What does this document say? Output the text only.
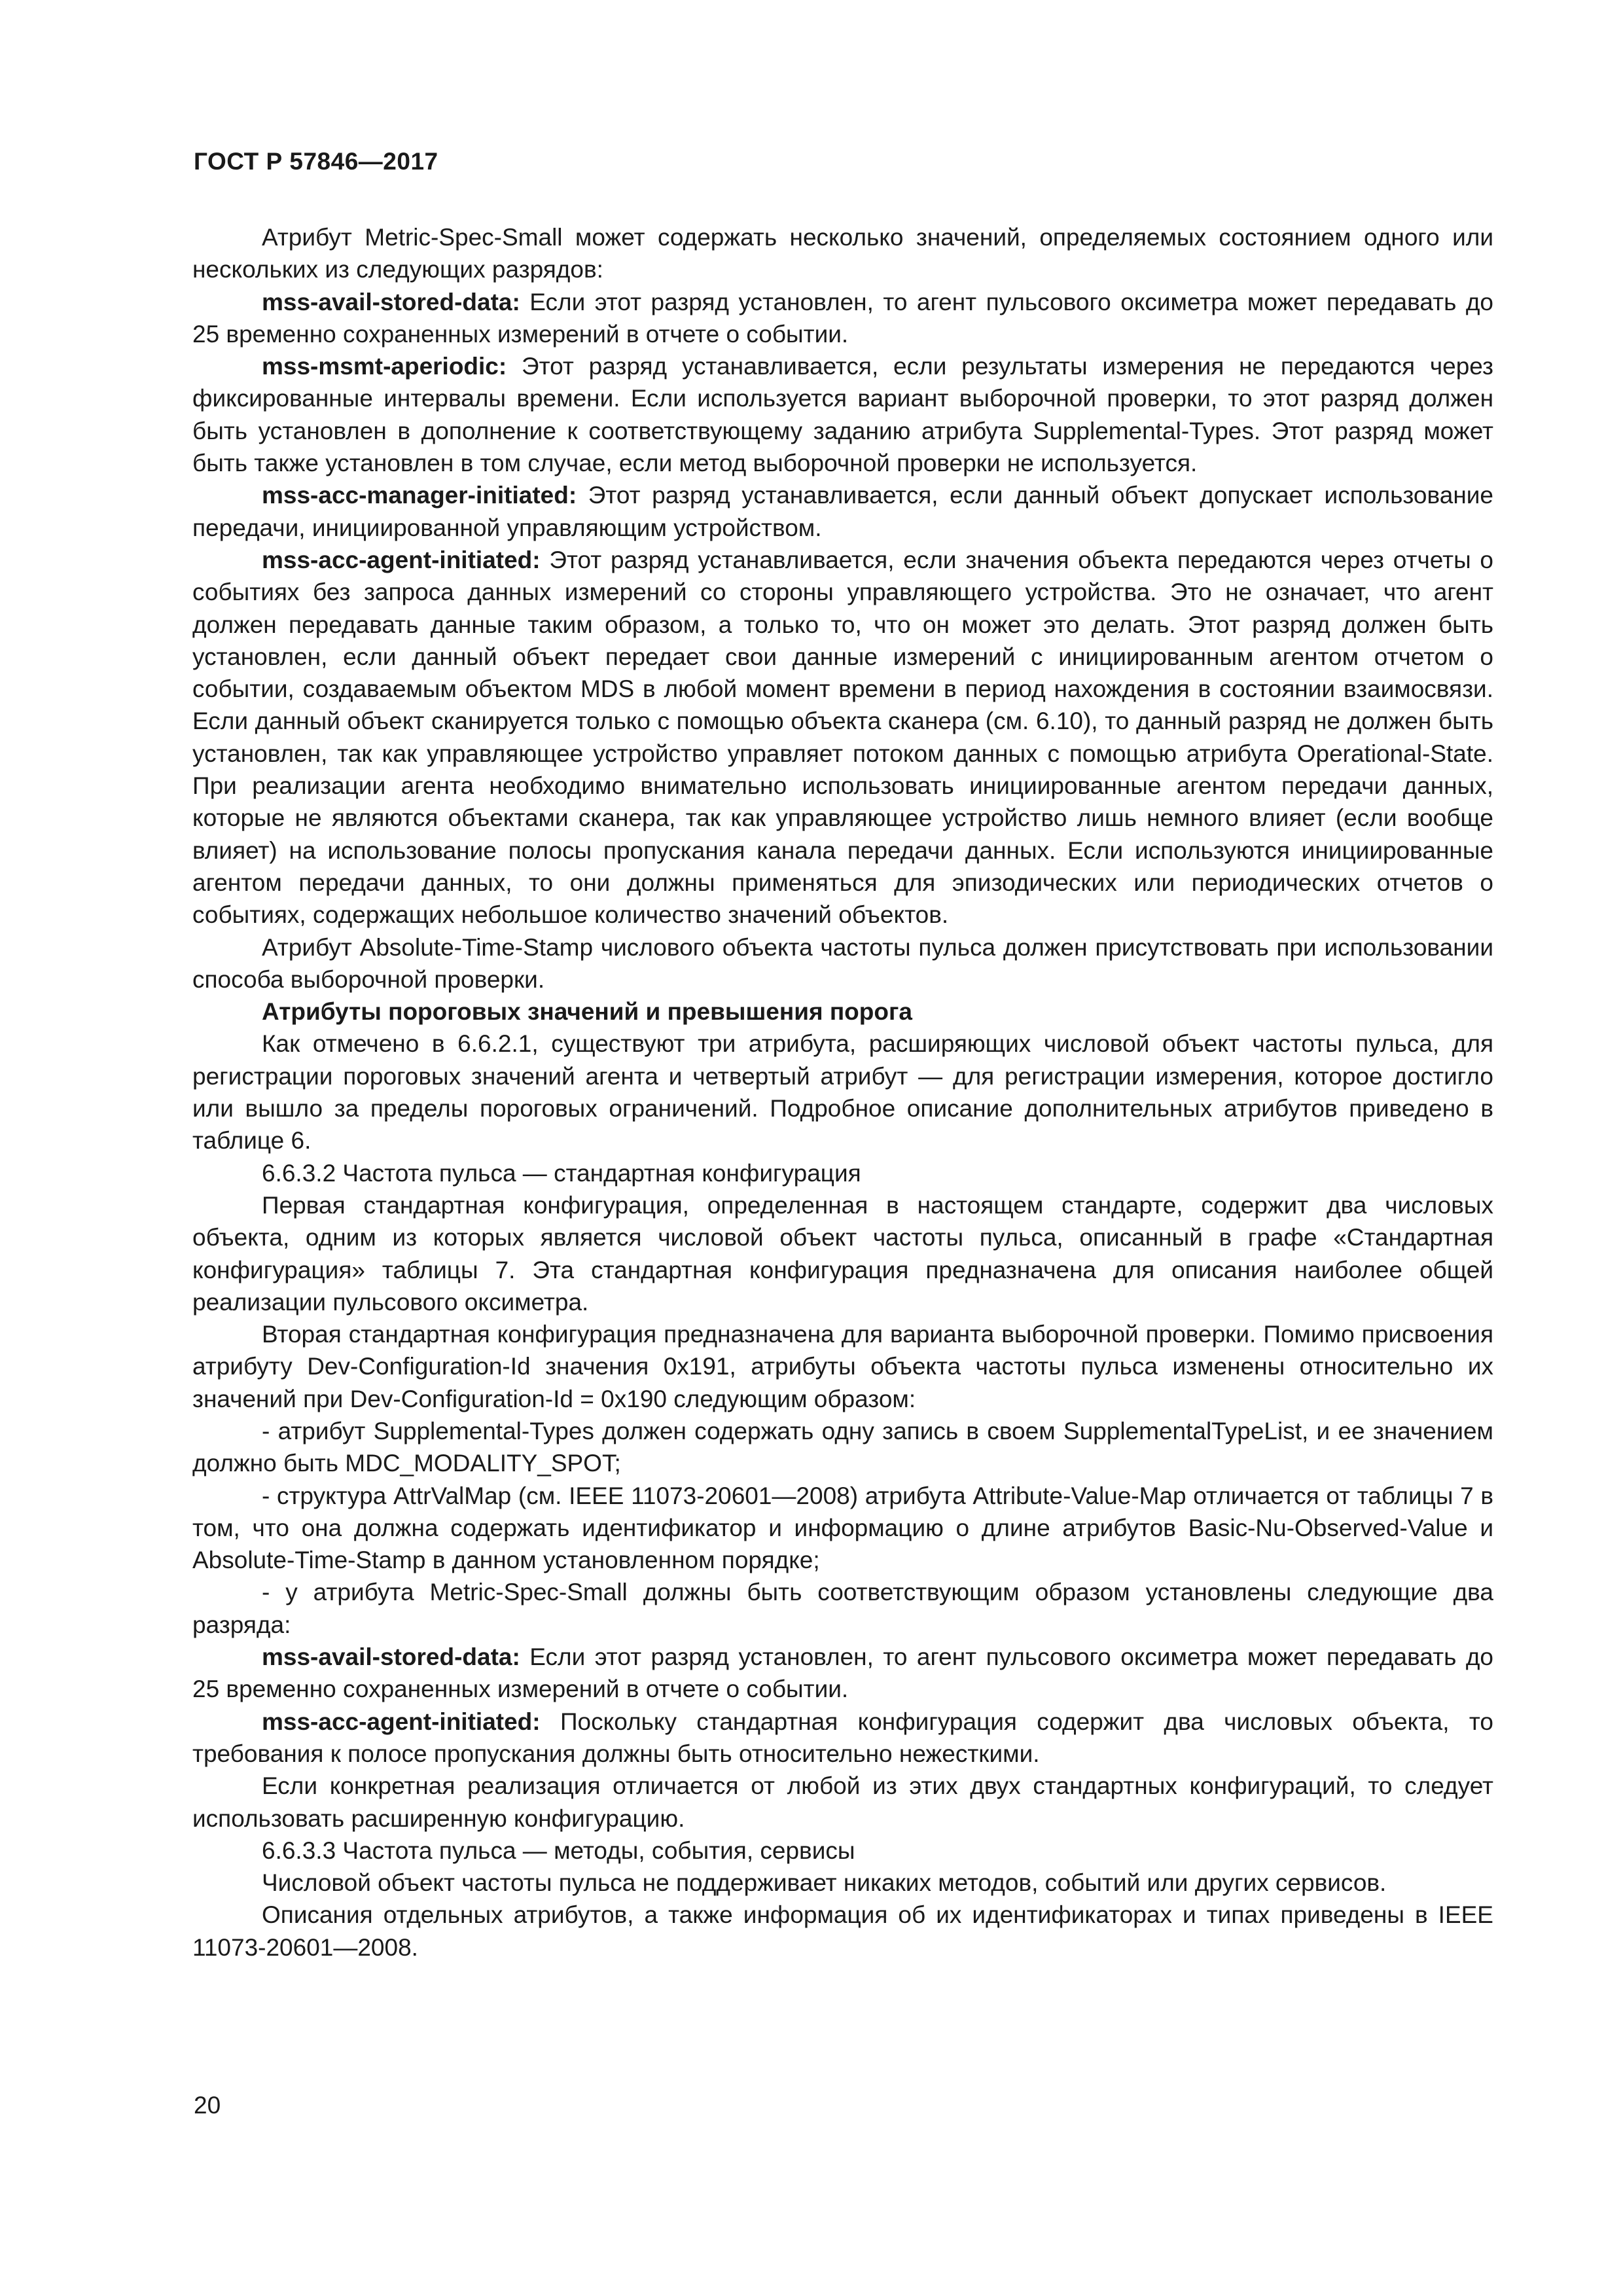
ГОСТ Р 57846—2017

Атрибут Metric-Spec-Small может содержать несколько значений, определяемых состоянием одного или нескольких из следующих разрядов:

mss-avail-stored-data: Если этот разряд установлен, то агент пульсового оксиметра может передавать до 25 временно сохраненных измерений в отчете о событии.

mss-msmt-aperiodic: Этот разряд устанавливается, если результаты измерения не передаются через фиксированные интервалы времени. Если используется вариант выборочной проверки, то этот разряд должен быть установлен в дополнение к соответствующему заданию атрибута Supplemental-Types. Этот разряд может быть также установлен в том случае, если метод выборочной проверки не используется.

mss-acc-manager-initiated: Этот разряд устанавливается, если данный объект допускает использование передачи, инициированной управляющим устройством.

mss-acc-agent-initiated: Этот разряд устанавливается, если значения объекта передаются через отчеты о событиях без запроса данных измерений со стороны управляющего устройства. Это не означает, что агент должен передавать данные таким образом, а только то, что он может это делать. Этот разряд должен быть установлен, если данный объект передает свои данные измерений с инициированным агентом отчетом о событии, создаваемым объектом MDS в любой момент времени в период нахождения в состоянии взаимосвязи. Если данный объект сканируется только с помощью объекта сканера (см. 6.10), то данный разряд не должен быть установлен, так как управляющее устройство управляет потоком данных с помощью атрибута Operational-State. При реализации агента необходимо внимательно использовать инициированные агентом передачи данных, которые не являются объектами сканера, так как управляющее устройство лишь немного влияет (если вообще влияет) на использование полосы пропускания канала передачи данных. Если используются инициированные агентом передачи данных, то они должны применяться для эпизодических или периодических отчетов о событиях, содержащих небольшое количество значений объектов.

Атрибут Absolute-Time-Stamp числового объекта частоты пульса должен присутствовать при использовании способа выборочной проверки.

Атрибуты пороговых значений и превышения порога

Как отмечено в 6.6.2.1, существуют три атрибута, расширяющих числовой объект частоты пульса, для регистрации пороговых значений агента и четвертый атрибут — для регистрации измерения, которое достигло или вышло за пределы пороговых ограничений. Подробное описание дополнительных атрибутов приведено в таблице 6.

6.6.3.2 Частота пульса — стандартная конфигурация

Первая стандартная конфигурация, определенная в настоящем стандарте, содержит два числовых объекта, одним из которых является числовой объект частоты пульса, описанный в графе «Стандартная конфигурация» таблицы 7. Эта стандартная конфигурация предназначена для описания наиболее общей реализации пульсового оксиметра.

Вторая стандартная конфигурация предназначена для варианта выборочной проверки. Помимо присвоения атрибуту Dev-Configuration-Id значения 0x191, атрибуты объекта частоты пульса изменены относительно их значений при Dev-Configuration-Id = 0x190 следующим образом:

- атрибут Supplemental-Types должен содержать одну запись в своем SupplementalTypeList, и ее значением должно быть MDC_MODALITY_SPOT;

- структура AttrValMap (см. IEEE 11073-20601—2008) атрибута Attribute-Value-Map отличается от таблицы 7 в том, что она должна содержать идентификатор и информацию о длине атрибутов Basic-Nu-Observed-Value и Absolute-Time-Stamp в данном установленном порядке;

- у атрибута Metric-Spec-Small должны быть соответствующим образом установлены следующие два разряда:

mss-avail-stored-data: Если этот разряд установлен, то агент пульсового оксиметра может передавать до 25 временно сохраненных измерений в отчете о событии.

mss-acc-agent-initiated: Поскольку стандартная конфигурация содержит два числовых объекта, то требования к полосе пропускания должны быть относительно нежесткими.

Если конкретная реализация отличается от любой из этих двух стандартных конфигураций, то следует использовать расширенную конфигурацию.

6.6.3.3 Частота пульса — методы, события, сервисы

Числовой объект частоты пульса не поддерживает никаких методов, событий или других сервисов.

Описания отдельных атрибутов, а также информация об их идентификаторах и типах приведены в IEEE 11073-20601—2008.

20
